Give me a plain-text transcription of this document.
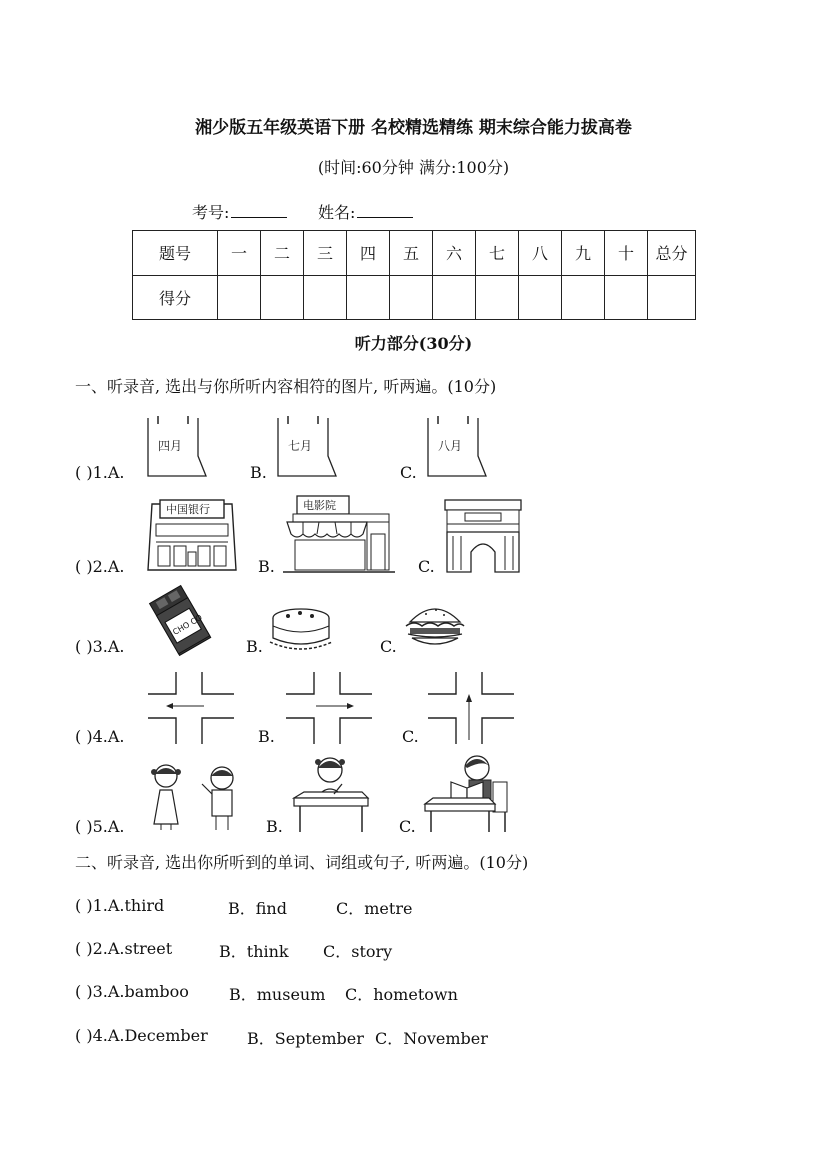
湘少版五年级英语下册 名校精选精练 期末综合能力拔高卷
(时间:60分钟 满分:100分)
考号:	姓名:
题号	一	二	三	四	五	六	七	八	九	十	总分
得分											
听力部分(30分)
一、听录音, 选出与你所听内容相符的图片, 听两遍。(10分)
( )1.A.
四月
B.
七月
C.
八月
( )2.A.
中国银行
B.
电影院
C.
( )3.A.
CHO CO
B.	C.
( )4.A.	B.	C.
( )5.A.	B.	C.
二、听录音, 选出你所听到的单词、词组或句子, 听两遍。(10分)
( )1.A.third	B．find	C．metre
( )2.A.street	B．think C．story
( )3.A.bamboo	B．museum C．hometown
( )4.A.December B．September C．November
